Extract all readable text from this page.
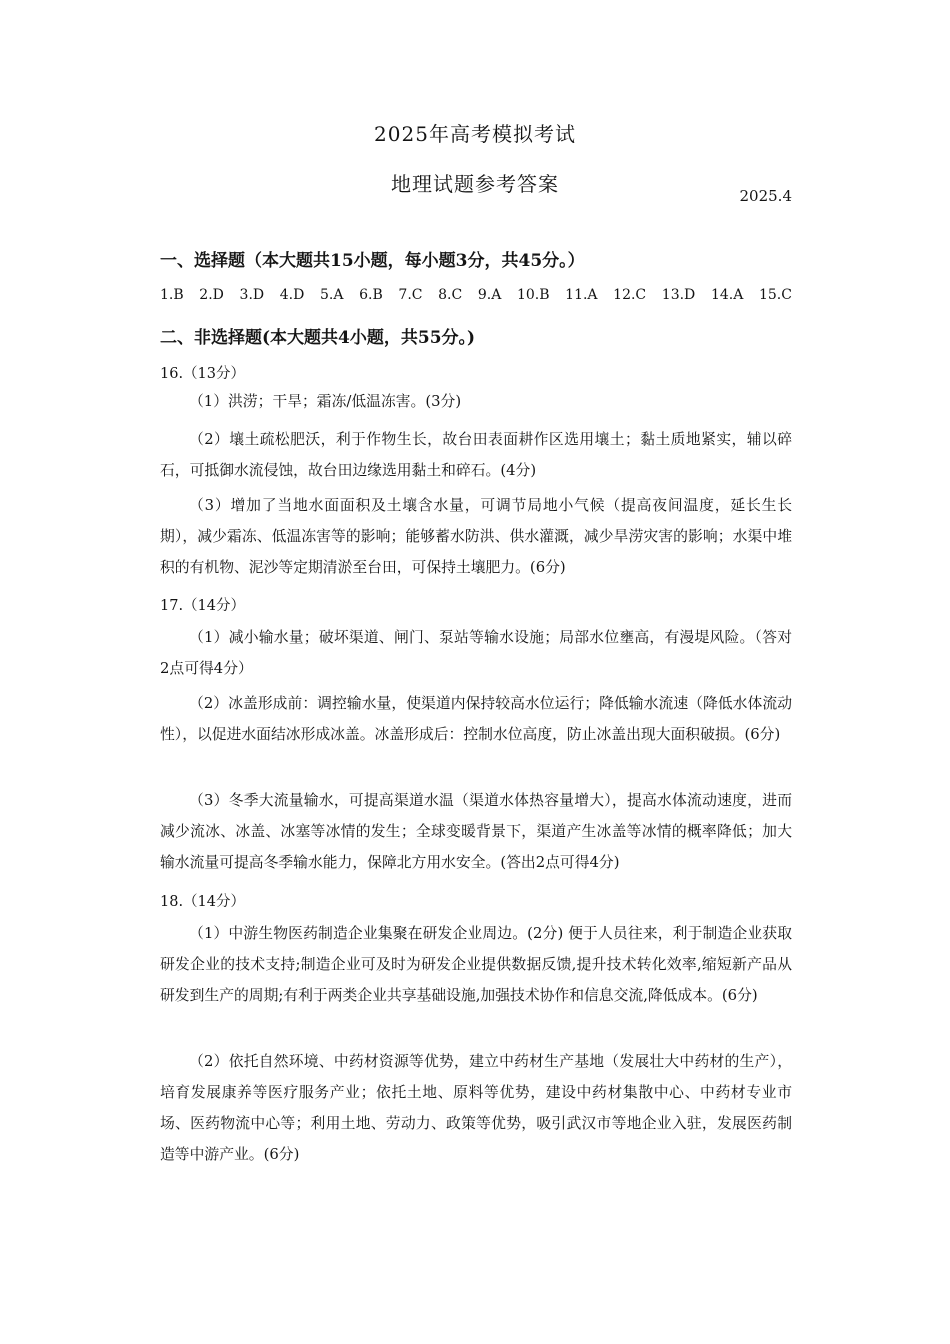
2025年高考模拟考试
地理试题参考答案	2025.4
一、选择题（本大题共15小题，每小题3分，共45分。）
1.B 2.D 3.D 4.D 5.A 6.B 7.C 8.C 9.A 10.B 11.A 12.C 13.D 14.A 15.C
二、非选择题(本大题共4小题，共55分。)
16.（13分）
（1）洪涝；干旱；霜冻/低温冻害。(3分)
（2）壤土疏松肥沃，利于作物生长，故台田表面耕作区选用壤土；黏土质地紧实，辅以碎石，可抵御水流侵蚀，故台田边缘选用黏土和碎石。(4分)
（3）增加了当地水面面积及土壤含水量，可调节局地小气候（提高夜间温度，延长生长期），减少霜冻、低温冻害等的影响；能够蓄水防洪、供水灌溉，减少旱涝灾害的影响；水渠中堆积的有机物、泥沙等定期清淤至台田，可保持土壤肥力。(6分)
17.（14分）
（1）减小输水量；破坏渠道、闸门、泵站等输水设施；局部水位壅高，有漫堤风险。（答对2点可得4分）
（2）冰盖形成前：调控输水量，使渠道内保持较高水位运行；降低输水流速（降低水体流动性），以促进水面结冰形成冰盖。冰盖形成后：控制水位高度，防止冰盖出现大面积破损。(6分)
（3）冬季大流量输水，可提高渠道水温（渠道水体热容量增大），提高水体流动速度，进而减少流冰、冰盖、冰塞等冰情的发生；全球变暖背景下，渠道产生冰盖等冰情的概率降低；加大输水流量可提高冬季输水能力，保障北方用水安全。(答出2点可得4分)
18.（14分）
（1）中游生物医药制造企业集聚在研发企业周边。(2分) 便于人员往来，利于制造企业获取研发企业的技术支持;制造企业可及时为研发企业提供数据反馈,提升技术转化效率,缩短新产品从研发到生产的周期;有利于两类企业共享基础设施,加强技术协作和信息交流,降低成本。(6分)
（2）依托自然环境、中药材资源等优势，建立中药材生产基地（发展壮大中药材的生产），培育发展康养等医疗服务产业；依托土地、原料等优势，建设中药材集散中心、中药材专业市场、医药物流中心等；利用土地、劳动力、政策等优势，吸引武汉市等地企业入驻，发展医药制造等中游产业。(6分)
